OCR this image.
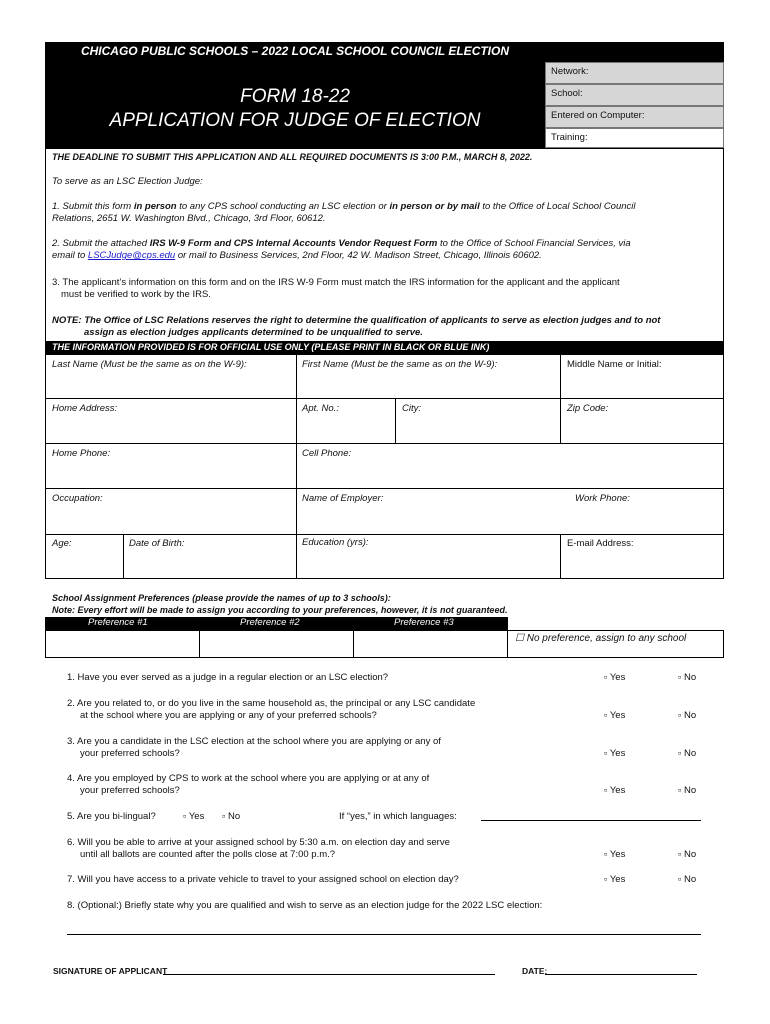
CHICAGO PUBLIC SCHOOLS – 2022 LOCAL SCHOOL COUNCIL ELECTION
FORM 18-22
APPLICATION FOR JUDGE OF ELECTION
Network:
School:
Entered on Computer:
Training:
THE DEADLINE TO SUBMIT THIS APPLICATION AND ALL REQUIRED DOCUMENTS IS 3:00 P.M., MARCH 8, 2022.
To serve as an LSC Election Judge:
1. Submit this form in person to any CPS school conducting an LSC election or in person or by mail to the Office of Local School Council
Relations, 2651 W. Washington Blvd., Chicago, 3rd Floor, 60612.
2. Submit the attached IRS W-9 Form and CPS Internal Accounts Vendor Request Form to the Office of School Financial Services, via
email to LSCJudge@cps.edu or mail to Business Services, 2nd Floor, 42 W. Madison Street, Chicago, Illinois 60602.
3. The applicant’s information on this form and on the IRS W-9 Form must match the IRS information for the applicant and the applicant
must be verified to work by the IRS.
NOTE: The Office of LSC Relations reserves the right to determine the qualification of applicants to serve as election judges and to not
assign as election judges applicants determined to be unqualified to serve.
THE INFORMATION PROVIDED IS FOR OFFICIAL USE ONLY (PLEASE PRINT IN BLACK OR BLUE INK)
Last Name (Must be the same as on the W-9):	First Name (Must be the same as on the W-9):	Middle Name or Initial:
Home Address:	Apt. No.:	City:	Zip Code:
Home Phone:	Cell Phone:
Occupation:	Name of Employer:	Work Phone:
Age:	Date of Birth:	Education (yrs):	E-mail Address:
School Assignment Preferences (please provide the names of up to 3 schools):
Note: Every effort will be made to assign you according to your preferences, however, it is not guaranteed.
Preference #1	Preference #2	Preference #3
☐ No preference, assign to any school
1. Have you ever served as a judge in a regular election or an LSC election?	▫ Yes	▫ No
2. Are you related to, or do you live in the same household as, the principal or any LSC candidate
at the school where you are applying or any of your preferred schools?	▫ Yes	▫ No
3. Are you a candidate in the LSC election at the school where you are applying or any of
your preferred schools?	▫ Yes	▫ No
4. Are you employed by CPS to work at the school where you are applying or at any of
your preferred schools?	▫ Yes	▫ No
5. Are you bi-lingual?	▫ Yes ▫ No	If “yes,” in which languages:
6. Will you be able to arrive at your assigned school by 5:30 a.m. on election day and serve
until all ballots are counted after the polls close at 7:00 p.m.?	▫ Yes	▫ No
7. Will you have access to a private vehicle to travel to your assigned school on election day?	▫ Yes	▫ No
8. (Optional:) Briefly state why you are qualified and wish to serve as an election judge for the 2022 LSC election:
SIGNATURE OF APPLICANT	DATE:
